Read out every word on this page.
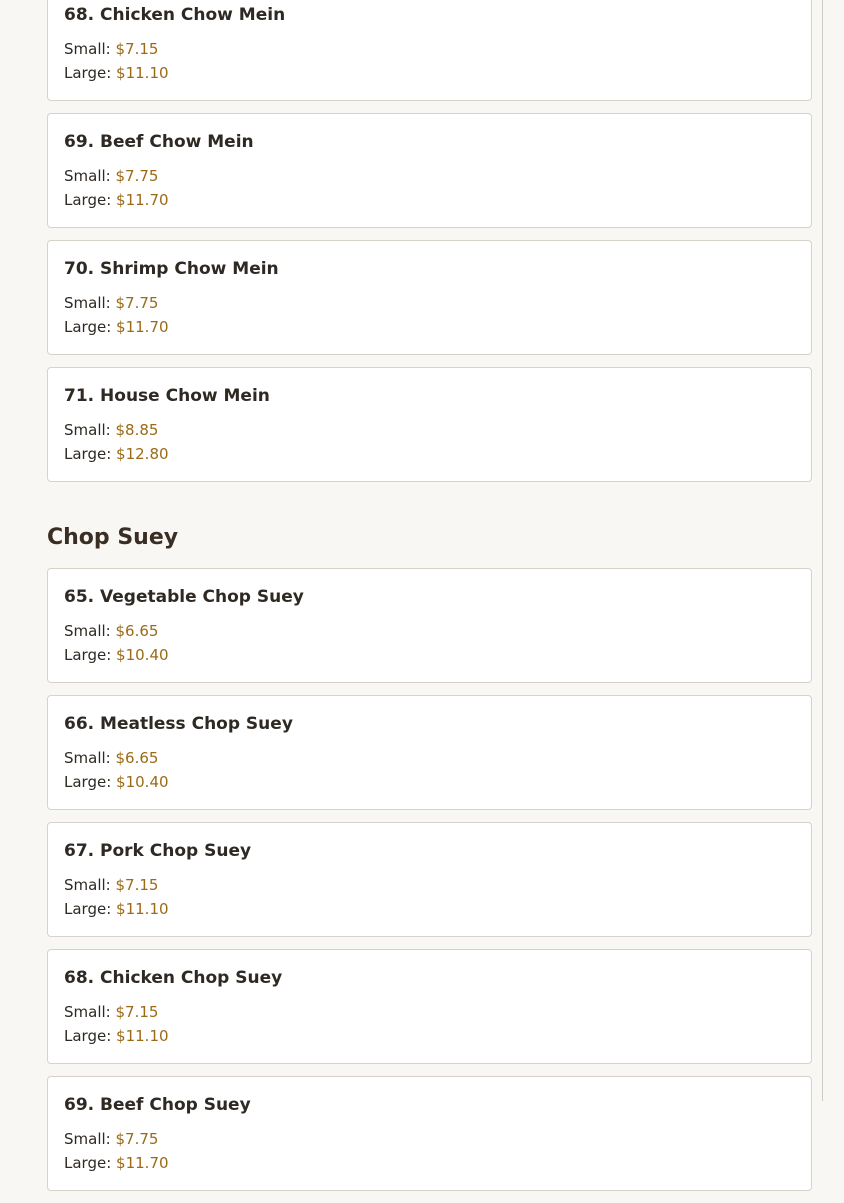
68. Chicken Chow Mein
Small: $7.15
Large: $11.10
69. Beef Chow Mein
Small: $7.75
Large: $11.70
70. Shrimp Chow Mein
Small: $7.75
Large: $11.70
71. House Chow Mein
Small: $8.85
Large: $12.80
Chop Suey
65. Vegetable Chop Suey
Small: $6.65
Large: $10.40
66. Meatless Chop Suey
Small: $6.65
Large: $10.40
67. Pork Chop Suey
Small: $7.15
Large: $11.10
68. Chicken Chop Suey
Small: $7.15
Large: $11.10
69. Beef Chop Suey
Small: $7.75
Large: $11.70
